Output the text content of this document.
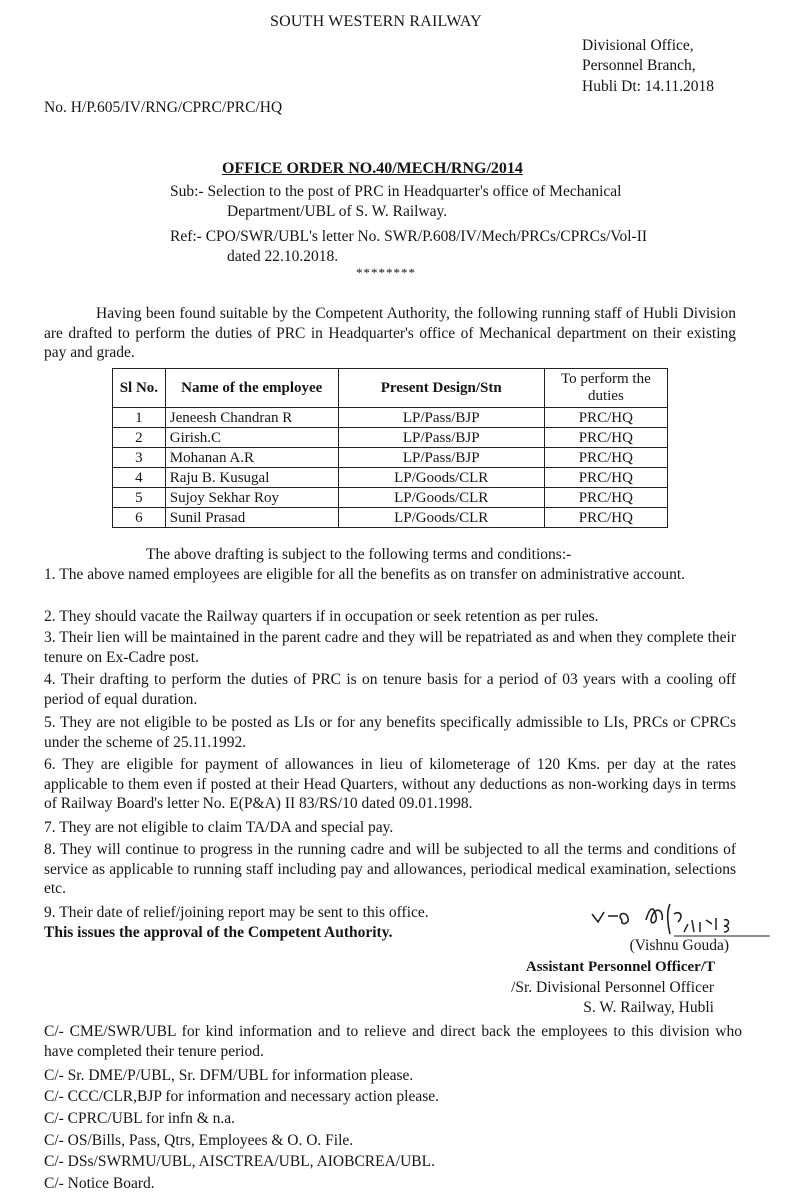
SOUTH WESTERN RAILWAY
Divisional Office,
Personnel Branch,
Hubli Dt: 14.11.2018
No. H/P.605/IV/RNG/CPRC/PRC/HQ
OFFICE ORDER NO.40/MECH/RNG/2014
Sub:- Selection to the post of PRC in Headquarter's office of Mechanical
Department/UBL of S. W. Railway.
Ref:- CPO/SWR/UBL's letter No. SWR/P.608/IV/Mech/PRCs/CPRCs/Vol-II
dated 22.10.2018.
********
Having been found suitable by the Competent Authority, the following running staff of Hubli Division are drafted to perform the duties of PRC in Headquarter's office of Mechanical department on their existing pay and grade.
Sl No.	Name of the employee	Present Design/Stn	To perform the duties
1	Jeneesh Chandran R	LP/Pass/BJP	PRC/HQ
2	Girish.C	LP/Pass/BJP	PRC/HQ
3	Mohanan A.R	LP/Pass/BJP	PRC/HQ
4	Raju B. Kusugal	LP/Goods/CLR	PRC/HQ
5	Sujoy Sekhar Roy	LP/Goods/CLR	PRC/HQ
6	Sunil Prasad	LP/Goods/CLR	PRC/HQ
The above drafting is subject to the following terms and conditions:-
1. The above named employees are eligible for all the benefits as on transfer on administrative account.
2. They should vacate the Railway quarters if in occupation or seek retention as per rules.
3. Their lien will be maintained in the parent cadre and they will be repatriated as and when they complete their tenure on Ex-Cadre post.
4. Their drafting to perform the duties of PRC is on tenure basis for a period of 03 years with a cooling off period of equal duration.
5. They are not eligible to be posted as LIs or for any benefits specifically admissible to LIs, PRCs or CPRCs under the scheme of 25.11.1992.
6. They are eligible for payment of allowances in lieu of kilometerage of 120 Kms. per day at the rates applicable to them even if posted at their Head Quarters, without any deductions as non-working days in terms of Railway Board's letter No. E(P&A) II 83/RS/10 dated 09.01.1998.
7. They are not eligible to claim TA/DA and special pay.
8. They will continue to progress in the running cadre and will be subjected to all the terms and conditions of service as applicable to running staff including pay and allowances, periodical medical examination, selections etc.
9. Their date of relief/joining report may be sent to this office.
This issues the approval of the Competent Authority.
(Vishnu Gouda)
Assistant Personnel Officer/T
/Sr. Divisional Personnel Officer
S. W. Railway, Hubli
C/- CME/SWR/UBL for kind information and to relieve and direct back the employees to this division who have completed their tenure period.
C/- Sr. DME/P/UBL, Sr. DFM/UBL for information please.
C/- CCC/CLR,BJP for information and necessary action please.
C/- CPRC/UBL for infn & n.a.
C/- OS/Bills, Pass, Qtrs, Employees & O. O. File.
C/- DSs/SWRMU/UBL, AISCTREA/UBL, AIOBCREA/UBL.
C/- Notice Board.
